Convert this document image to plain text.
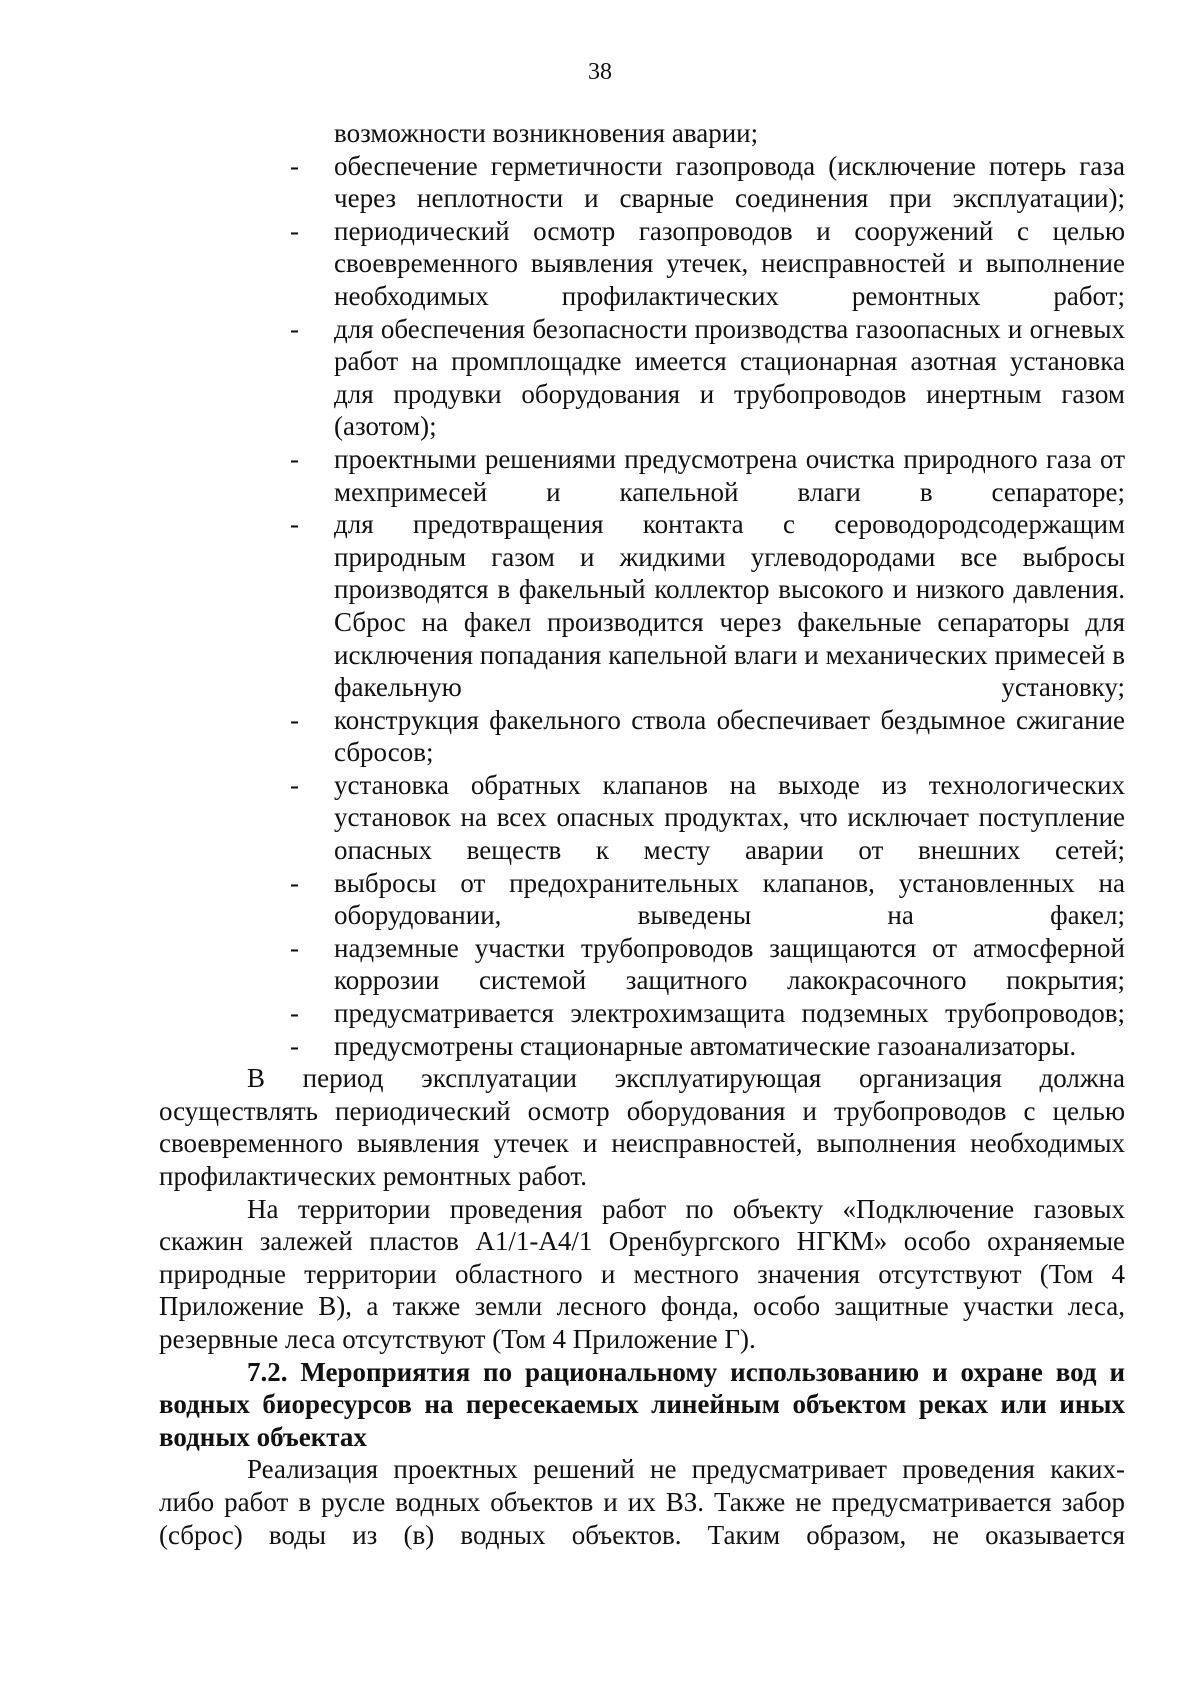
38
возможности возникновения аварии;
- обеспечение герметичности газопровода (исключение потерь газа через неплотности и сварные соединения при эксплуатации);
- периодический осмотр газопроводов и сооружений с целью своевременного выявления утечек, неисправностей и выполнение необходимых профилактических ремонтных работ;
- для обеспечения безопасности производства газоопасных и огневых работ на промплощадке имеется стационарная азотная установка для продувки оборудования и трубопроводов инертным газом (азотом);
- проектными решениями предусмотрена очистка природного газа от мехпримесей и капельной влаги в сепараторе;
- для предотвращения контакта с сероводородсодержащим природным газом и жидкими углеводородами все выбросы производятся в факельный коллектор высокого и низкого давления. Сброс на факел производится через факельные сепараторы для исключения попадания капельной влаги и механических примесей в факельную установку;
- конструкция факельного ствола обеспечивает бездымное сжигание сбросов;
- установка обратных клапанов на выходе из технологических установок на всех опасных продуктах, что исключает поступление опасных веществ к месту аварии от внешних сетей;
- выбросы от предохранительных клапанов, установленных на оборудовании, выведены на факел;
- надземные участки трубопроводов защищаются от атмосферной коррозии системой защитного лакокрасочного покрытия;
- предусматривается электрохимзащита подземных трубопроводов;
- предусмотрены стационарные автоматические газоанализаторы.

В период эксплуатации эксплуатирующая организация должна осуществлять периодический осмотр оборудования и трубопроводов с целью своевременного выявления утечек и неисправностей, выполнения необходимых профилактических ремонтных работ.

На территории проведения работ по объекту «Подключение газовых скажин залежей пластов А1/1-А4/1 Оренбургского НГКМ» особо охраняемые природные территории областного и местного значения отсутствуют (Том 4 Приложение В), а также земли лесного фонда, особо защитные участки леса, резервные леса отсутствуют (Том 4 Приложение Г).

7.2. Мероприятия по рациональному использованию и охране вод и водных биоресурсов на пересекаемых линейным объектом реках или иных водных объектах

Реализация проектных решений не предусматривает проведения каких-либо работ в русле водных объектов и их ВЗ. Также не предусматривается забор (сброс) воды из (в) водных объектов. Таким образом, не оказывается
